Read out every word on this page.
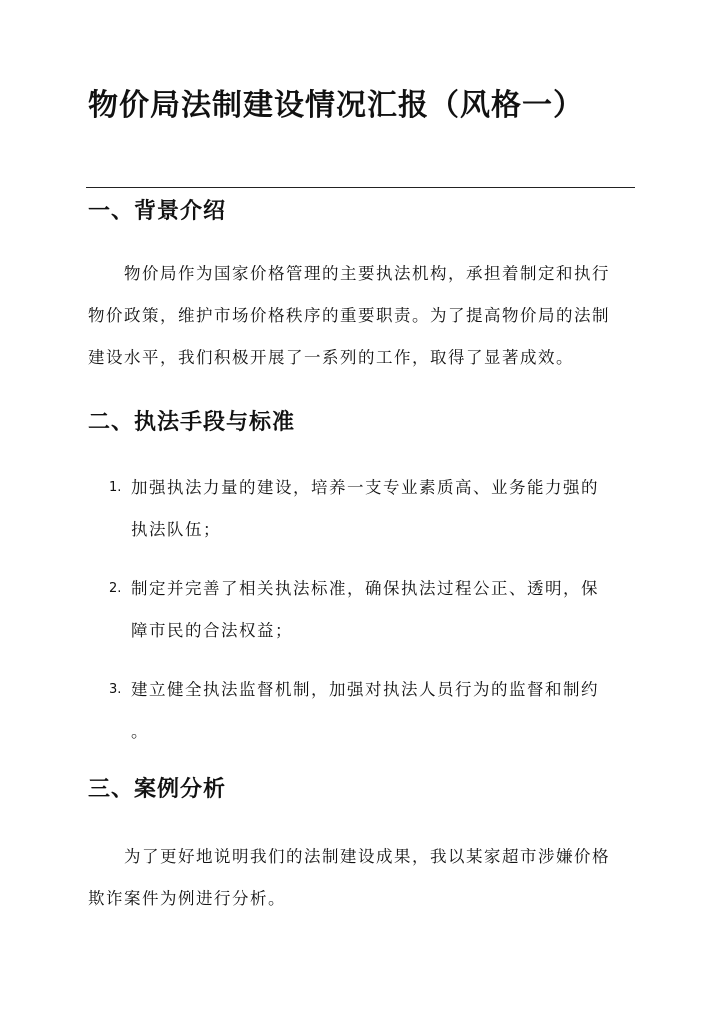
物价局法制建设情况汇报（风格一）
一、背景介绍

物价局作为国家价格管理的主要执法机构，承担着制定和执行
物价政策，维护市场价格秩序的重要职责。为了提高物价局的法制
建设水平，我们积极开展了一系列的工作，取得了显著成效。

二、执法手段与标准
1. 加强执法力量的建设，培养一支专业素质高、业务能力强的
执法队伍；
2. 制定并完善了相关执法标准，确保执法过程公正、透明，保
障市民的合法权益；
3. 建立健全执法监督机制，加强对执法人员行为的监督和制约
。
三、案例分析

为了更好地说明我们的法制建设成果，我以某家超市涉嫌价格
欺诈案件为例进行分析。
